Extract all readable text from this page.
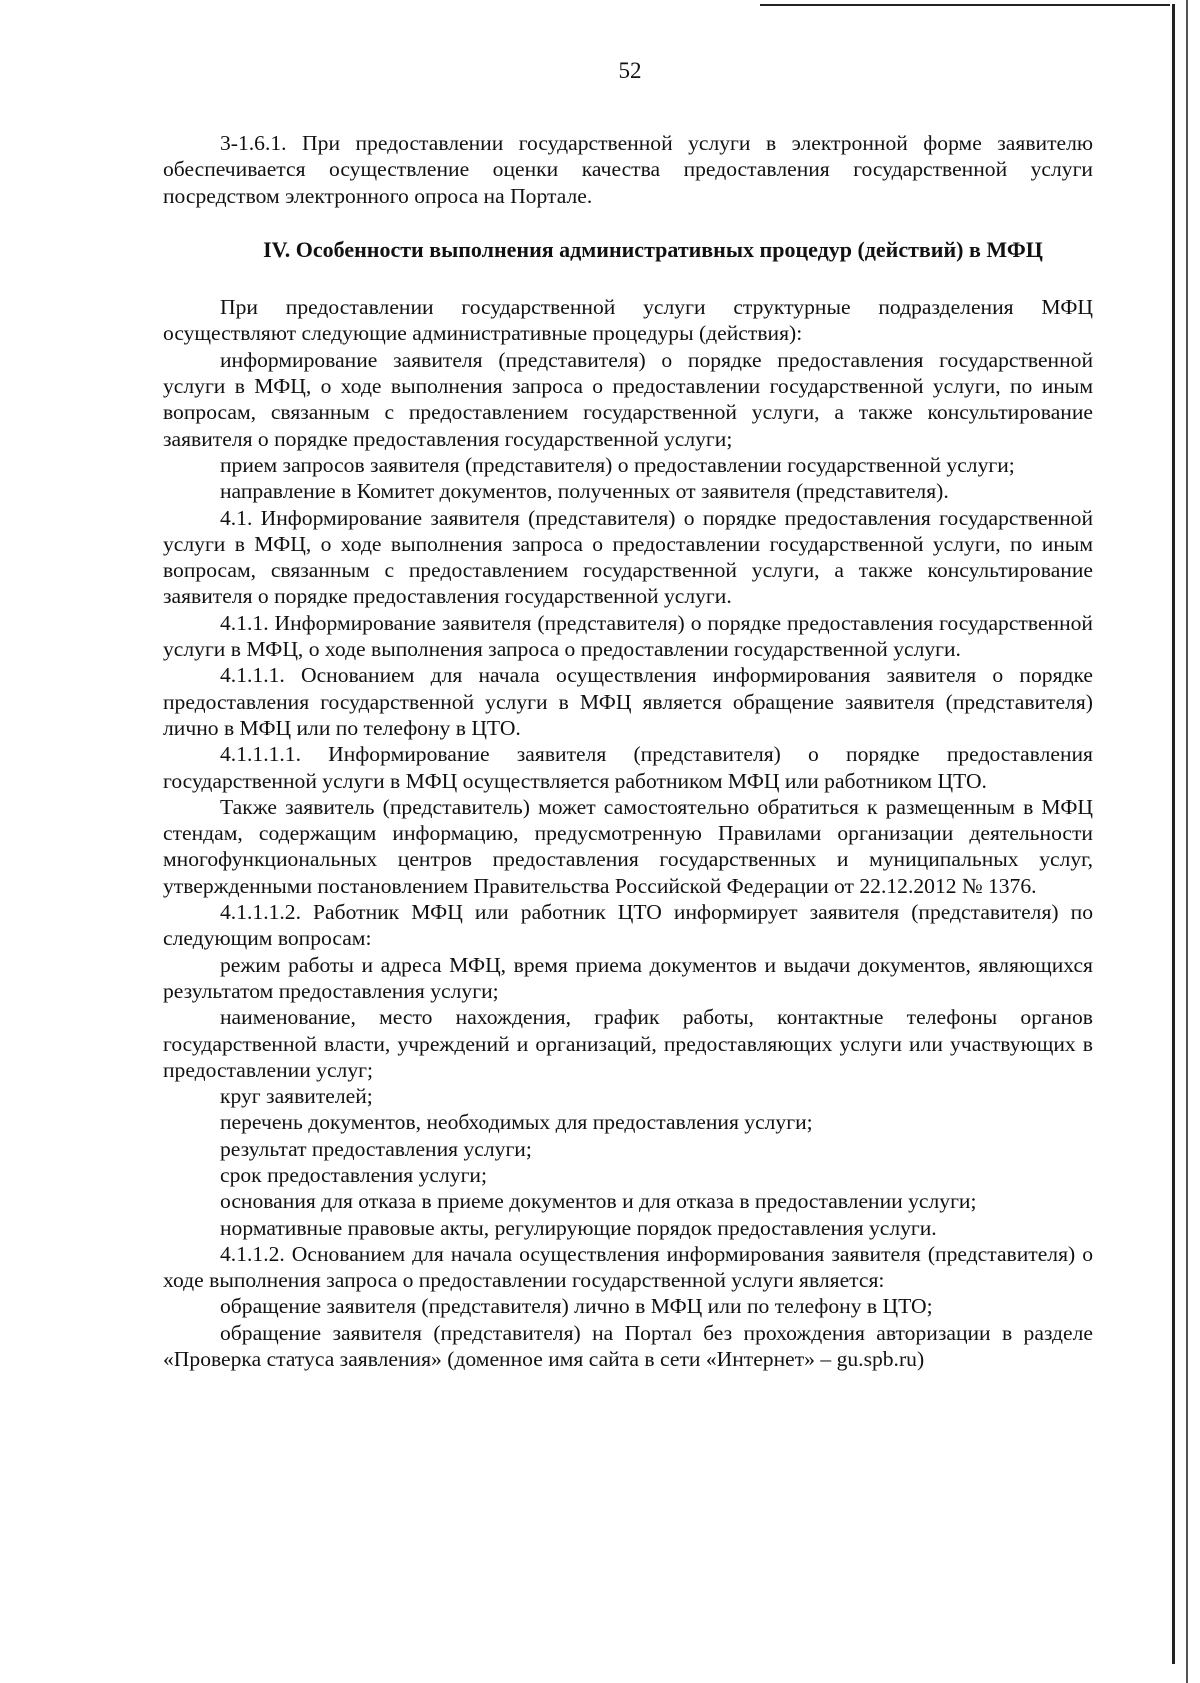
52

3-1.6.1. При предоставлении государственной услуги в электронной форме заявителю обеспечивается осуществление оценки качества предоставления государственной услуги посредством электронного опроса на Портале.

IV. Особенности выполнения административных процедур (действий) в МФЦ

При предоставлении государственной услуги структурные подразделения МФЦ осуществляют следующие административные процедуры (действия):

информирование заявителя (представителя) о порядке предоставления государственной услуги в МФЦ, о ходе выполнения запроса о предоставлении государственной услуги, по иным вопросам, связанным с предоставлением государственной услуги, а также консультирование заявителя о порядке предоставления государственной услуги;

прием запросов заявителя (представителя) о предоставлении государственной услуги;

направление в Комитет документов, полученных от заявителя (представителя).

4.1. Информирование заявителя (представителя) о порядке предоставления государственной услуги в МФЦ, о ходе выполнения запроса о предоставлении государственной услуги, по иным вопросам, связанным с предоставлением государственной услуги, а также консультирование заявителя о порядке предоставления государственной услуги.

4.1.1. Информирование заявителя (представителя) о порядке предоставления государственной услуги в МФЦ, о ходе выполнения запроса о предоставлении государственной услуги.

4.1.1.1. Основанием для начала осуществления информирования заявителя о порядке предоставления государственной услуги в МФЦ является обращение заявителя (представителя) лично в МФЦ или по телефону в ЦТО.

4.1.1.1.1. Информирование заявителя (представителя) о порядке предоставления государственной услуги в МФЦ осуществляется работником МФЦ или работником ЦТО.

Также заявитель (представитель) может самостоятельно обратиться к размещенным в МФЦ стендам, содержащим информацию, предусмотренную Правилами организации деятельности многофункциональных центров предоставления государственных и муниципальных услуг, утвержденными постановлением Правительства Российской Федерации от 22.12.2012 № 1376.

4.1.1.1.2. Работник МФЦ или работник ЦТО информирует заявителя (представителя) по следующим вопросам:

режим работы и адреса МФЦ, время приема документов и выдачи документов, являющихся результатом предоставления услуги;

наименование, место нахождения, график работы, контактные телефоны органов государственной власти, учреждений и организаций, предоставляющих услуги или участвующих в предоставлении услуг;

круг заявителей;

перечень документов, необходимых для предоставления услуги;

результат предоставления услуги;

срок предоставления услуги;

основания для отказа в приеме документов и для отказа в предоставлении услуги;

нормативные правовые акты, регулирующие порядок предоставления услуги.

4.1.1.2. Основанием для начала осуществления информирования заявителя (представителя) о ходе выполнения запроса о предоставлении государственной услуги является:

обращение заявителя (представителя) лично в МФЦ или по телефону в ЦТО;

обращение заявителя (представителя) на Портал без прохождения авторизации в разделе «Проверка статуса заявления» (доменное имя сайта в сети «Интернет» – gu.spb.ru)
